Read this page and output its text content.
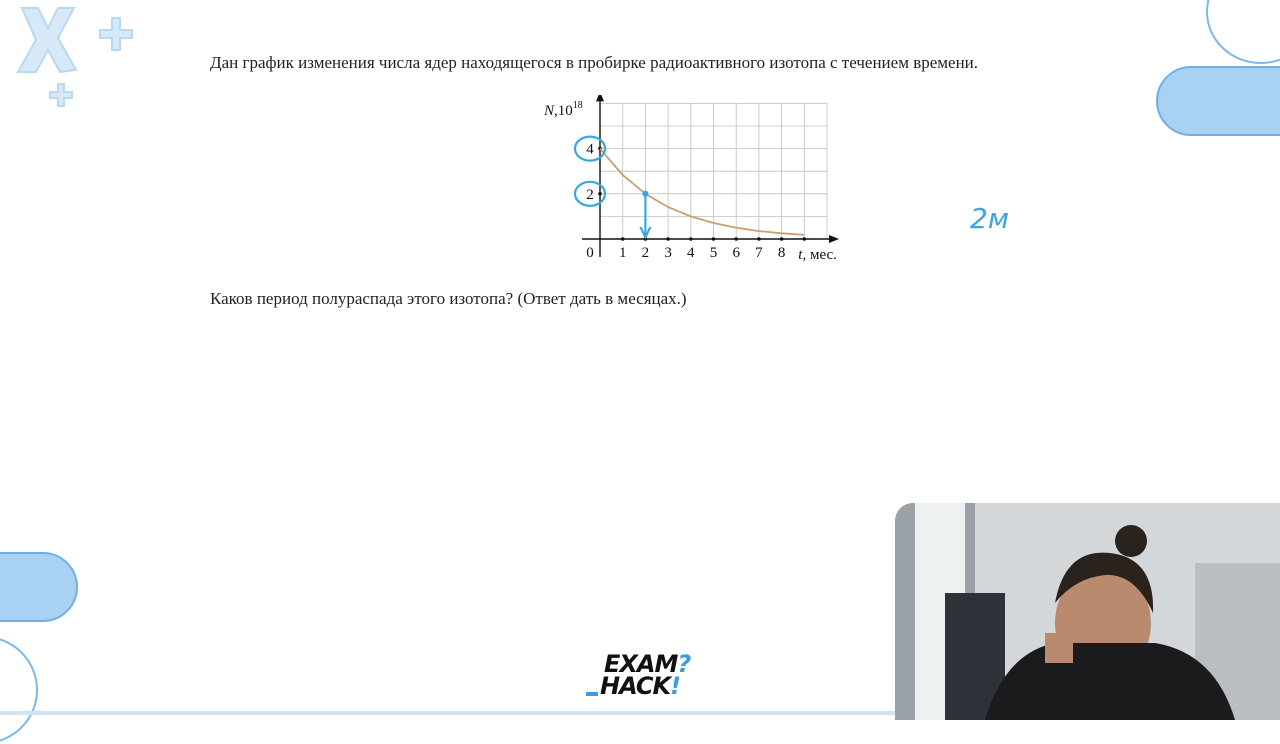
Дан график изменения числа ядер находящегося в пробирке радиоактивного изотопа с течением времени.
0 1 2 3 4 5 6 7 8
2
4
$N,10^{18}$
t, мес.
Каков период полураспада этого изотопа? (Ответ дать в месяцах.)
2м
EXAM?
HACK!
